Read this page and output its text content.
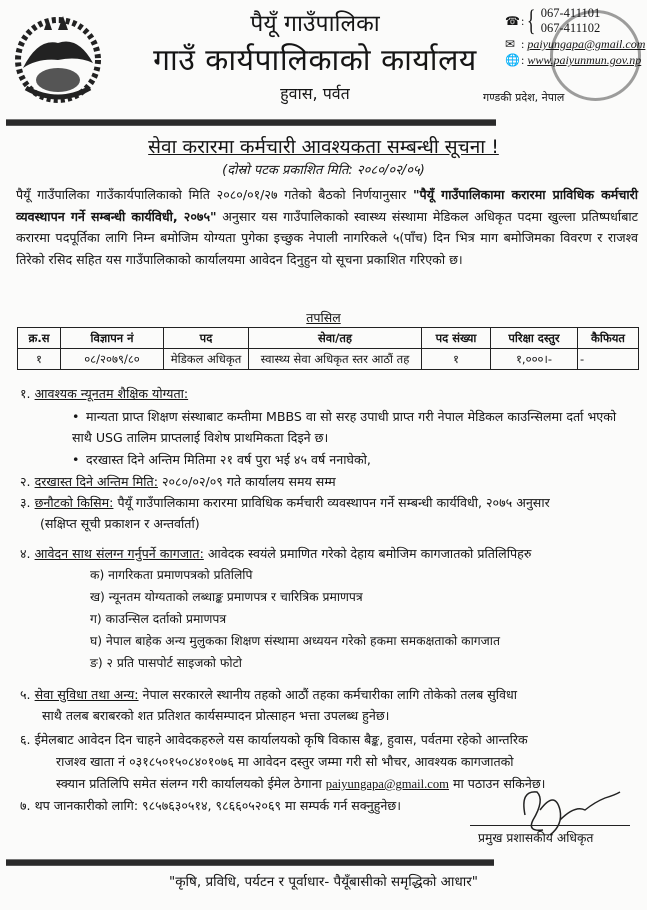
पैयूँ गाउँपालिका
गाउँ कार्यपालिकाको कार्यालय
हुवास, पर्वत
☎ : { 067-411101
067-411102
✉ : paiyungapa@gmail.com
🌐 : www.paiyunmun.gov.np
गण्डकी प्रदेश, नेपाल
सेवा करारमा कर्मचारी आवश्यकता सम्बन्धी सूचना !
(दोस्रो पटक प्रकाशित मिति: २०८०/०२/०५)
पैयूँ गाउँपालिका गाउँकार्यपालिकाको मिति २०८०/०१/२७ गतेको बैठको निर्णयानुसार "पैयूँ गाउँपालिकामा करारमा प्राविधिक कर्मचारी व्यवस्थापन गर्ने सम्बन्धी कार्यविधी, २०७५" अनुसार यस गाउँपालिकाको स्वास्थ्य संस्थामा मेडिकल अधिकृत पदमा खुल्ला प्रतिष्पर्धाबाट करारमा पदपूर्तिका लागि निम्न बमोजिम योग्यता पुगेका इच्छुक नेपाली नागरिकले ५(पाँच) दिन भित्र माग बमोजिमका विवरण र राजश्व तिरेको रसिद सहित यस गाउँपालिकाको कार्यालयमा आवेदन दिनुहुन यो सूचना प्रकाशित गरिएको छ।
तपसिल
क्र.स	विज्ञापन नं	पद	सेवा/तह	पद संख्या	परिक्षा दस्तुर	कैफियत
१	०८/२०७९/८०	मेडिकल अधिकृत	स्वास्थ्य सेवा अधिकृत स्तर आठौं तह	१	१,०००।-	-
१. आवश्यक न्यूनतम शैक्षिक योग्यता:
• मान्यता प्राप्त शिक्षण संस्थाबाट कम्तीमा MBBS वा सो सरह उपाधी प्राप्त गरी नेपाल मेडिकल काउन्सिलमा दर्ता भएको साथै USG तालिम प्राप्तलाई विशेष प्राथमिकता दिइने छ।
• दरखास्त दिने अन्तिम मितिमा २१ वर्ष पुरा भई ४५ वर्ष ननाघेको,
२. दरखास्त दिने अन्तिम मिति: २०८०/०२/०९ गते कार्यालय समय सम्म
३. छनौटको किसिम: पैयूँ गाउँपालिकामा करारमा प्राविधिक कर्मचारी व्यवस्थापन गर्ने सम्बन्धी कार्यविधी, २०७५ अनुसार
(सक्षिप्त सूची प्रकाशन र अन्तर्वार्ता)
४. आवेदन साथ संलग्न गर्नुपर्ने कागजात: आवेदक स्वयंले प्रमाणित गरेको देहाय बमोजिम कागजातको प्रतिलिपिहरु
क) नागरिकता प्रमाणपत्रको प्रतिलिपि
ख) न्यूनतम योग्यताको लब्धाङ्क प्रमाणपत्र र चारित्रिक प्रमाणपत्र
ग) काउन्सिल दर्ताको प्रमाणपत्र
घ) नेपाल बाहेक अन्य मुलुकका शिक्षण संस्थामा अध्ययन गरेको हकमा समकक्षताको कागजात
ङ) २ प्रति पासपोर्ट साइजको फोटो
५. सेवा सुविधा तथा अन्य: नेपाल सरकारले स्थानीय तहको आठौं तहका कर्मचारीका लागि तोकेको तलब सुविधा
साथै तलब बराबरको शत प्रतिशत कार्यसम्पादन प्रोत्साहन भत्ता उपलब्ध हुनेछ।
६. ईमेलबाट आवेदन दिन चाहने आवेदकहरुले यस कार्यालयको कृषि विकास बैङ्क, हुवास, पर्वतमा रहेको आन्तरिक
राजश्व खाता नं ०३१८५०१५०८४०१०७६ मा आवेदन दस्तुर जम्मा गरी सो भौचर, आवश्यक कागजातको
स्क्यान प्रतिलिपि समेत संलग्न गरी कार्यालयको ईमेल ठेगाना paiyungapa@gmail.com मा पठाउन सकिनेछ।
७. थप जानकारीको लागि: ९८५७६३०५१४, ९८६६०५२०६९ मा सम्पर्क गर्न सक्नुहुनेछ।
प्रमुख प्रशासकीय अधिकृत
"कृषि, प्रविधि, पर्यटन र पूर्वाधार- पैयूँबासीको समृद्धिको आधार"
